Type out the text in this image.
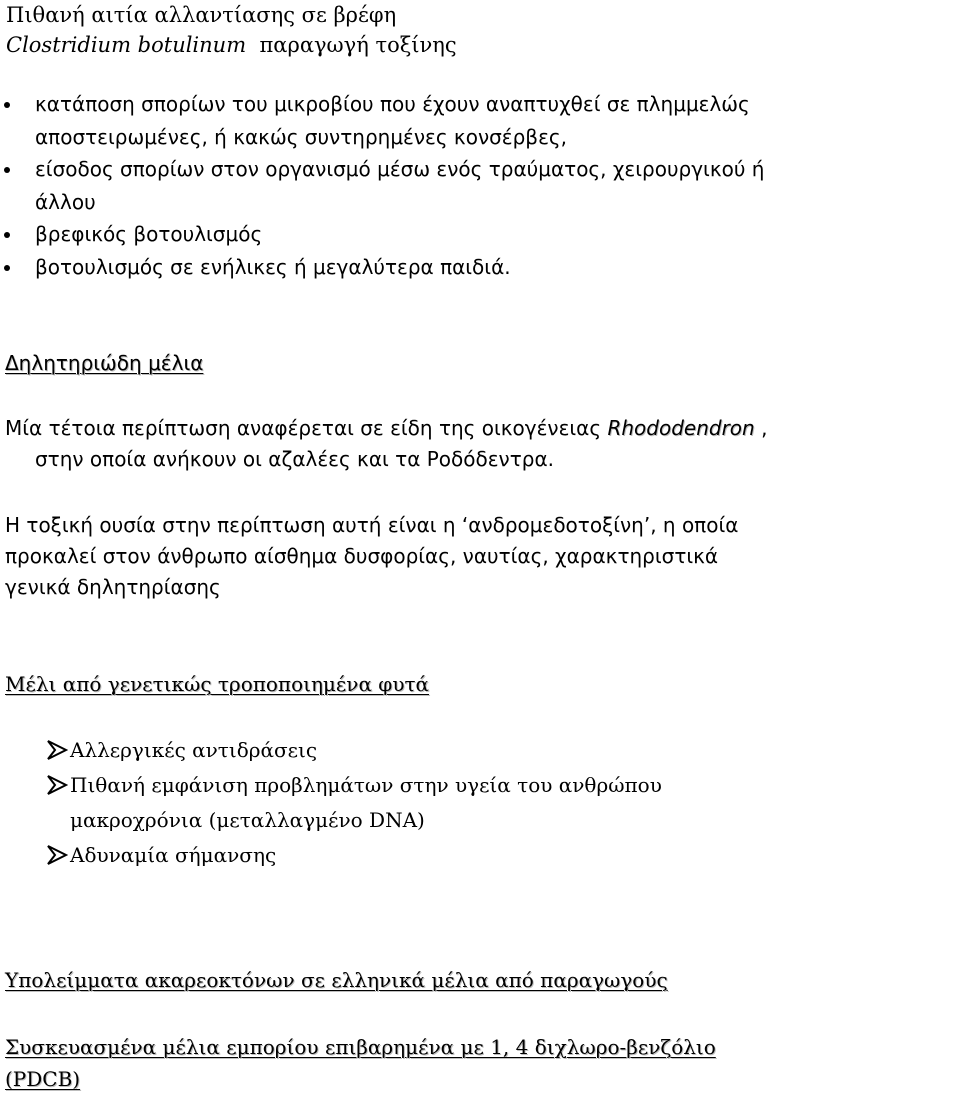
Πιθανή αιτία αλλαντίασης σε βρέφη
Clostridium botulinum παραγωγή τοξίνης
κατάποση σπορίων του μικροβίου που έχουν αναπτυχθεί σε πλημμελώς
αποστειρωμένες, ή κακώς συντηρημένες κονσέρβες,
είσοδος σπορίων στον οργανισμό μέσω ενός τραύματος, χειρουργικού ή
άλλου
βρεφικός βοτουλισμός
βοτουλισμός σε ενήλικες ή μεγαλύτερα παιδιά.
Δηλητηριώδη μέλια
Μία τέτοια περίπτωση αναφέρεται σε είδη της οικογένειας Rhododendron ,
στην οποία ανήκουν οι αζαλέες και τα Ροδόδεντρα.
Η τοξική ουσία στην περίπτωση αυτή είναι η ‘ανδρομεδοτοξίνη’, η οποία
προκαλεί στον άνθρωπο αίσθημα δυσφορίας, ναυτίας, χαρακτηριστικά
γενικά δηλητηρίασης
Μέλι από γενετικώς τροποποιημένα φυτά
Αλλεργικές αντιδράσεις
Πιθανή εμφάνιση προβλημάτων στην υγεία του ανθρώπου
μακροχρόνια (μεταλλαγμένο DNA)
Αδυναμία σήμανσης
Υπολείμματα ακαρεοκτόνων σε ελληνικά μέλια από παραγωγούς
Συσκευασμένα μέλια εμπορίου επιβαρημένα με 1, 4 διχλωρο-βενζόλιο
(PDCB)
